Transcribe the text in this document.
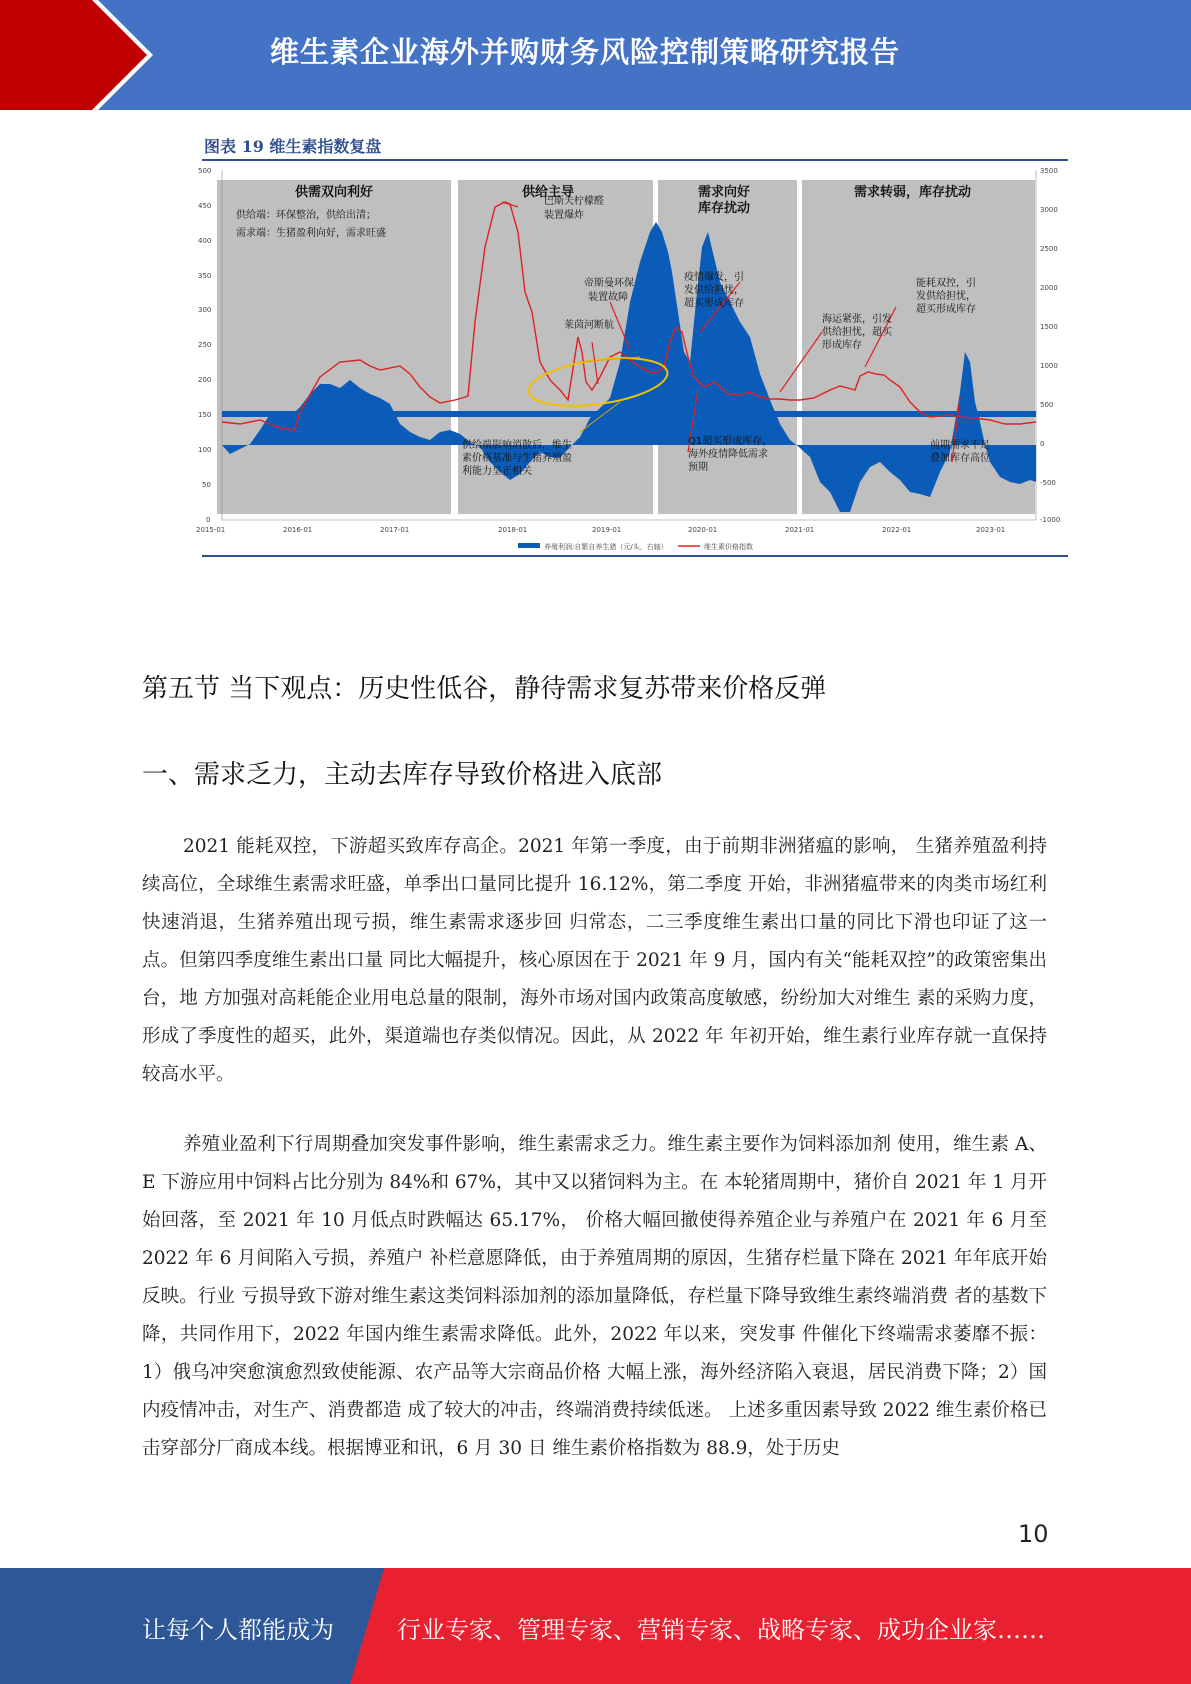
维生素企业海外并购财务风险控制策略研究报告
图表 19 维生素指数复盘
供需双向利好
供给端：环保整治，供给出清；
需求端：生猪盈利向好，需求旺盛
供给主导	需求向好
库存扰动
需求转弱，库存扰动
巴斯夫柠檬醛
装置爆炸
帝斯曼环保
装置故障
莱茵河断航
疫情爆发，引
发供给担忧，
超买形成库存
海运紧张，引发
供给担忧，超买
形成库存
能耗双控，引
发供给担忧，
超买形成库存
供给端影响消散后，维生
素价格基准与生猪养殖盈
利能力呈正相关
Q1超买形成库存，
海外疫情降低需求
预期
前期需求不足
叠加库存高位
500
450
400
350
300
250
200
150
100
50
0
3500
3000
2500
2000
1500
1000
500
0
-500
-1000
2015-01	2016-01	2017-01	2018-01	2019-01	2020-01	2021-01	2022-01	2023-01
养殖利润:自繁自养生猪（元/头，右轴）	维生素价格指数
第五节 当下观点：历史性低谷，静待需求复苏带来价格反弹
一、需求乏力，主动去库存导致价格进入底部
2021 能耗双控，下游超买致库存高企。2021 年第一季度，由于前期非洲猪瘟的影响， 生猪养殖盈利持续高位，全球维生素需求旺盛，单季出口量同比提升 16.12%，第二季度 开始，非洲猪瘟带来的肉类市场红利快速消退，生猪养殖出现亏损，维生素需求逐步回 归常态，二三季度维生素出口量的同比下滑也印证了这一点。但第四季度维生素出口量 同比大幅提升，核心原因在于 2021 年 9 月，国内有关“能耗双控”的政策密集出台，地 方加强对高耗能企业用电总量的限制，海外市场对国内政策高度敏感，纷纷加大对维生 素的采购力度，形成了季度性的超买，此外，渠道端也存类似情况。因此，从 2022 年 年初开始，维生素行业库存就一直保持较高水平。
养殖业盈利下行周期叠加突发事件影响，维生素需求乏力。维生素主要作为饲料添加剂 使用，维生素 A、E 下游应用中饲料占比分别为 84%和 67%，其中又以猪饲料为主。在 本轮猪周期中，猪价自 2021 年 1 月开始回落，至 2021 年 10 月低点时跌幅达 65.17%， 价格大幅回撤使得养殖企业与养殖户在 2021 年 6 月至 2022 年 6 月间陷入亏损，养殖户 补栏意愿降低，由于养殖周期的原因，生猪存栏量下降在 2021 年年底开始反映。行业 亏损导致下游对维生素这类饲料添加剂的添加量降低，存栏量下降导致维生素终端消费 者的基数下降，共同作用下，2022 年国内维生素需求降低。此外，2022 年以来，突发事 件催化下终端需求萎靡不振：1）俄乌冲突愈演愈烈致使能源、农产品等大宗商品价格 大幅上涨，海外经济陷入衰退，居民消费下降；2）国内疫情冲击，对生产、消费都造 成了较大的冲击，终端消费持续低迷。 上述多重因素导致 2022 维生素价格已击穿部分厂商成本线。根据博亚和讯，6 月 30 日 维生素价格指数为 88.9，处于历史
10
让每个人都能成为	行业专家、管理专家、营销专家、战略专家、成功企业家……
